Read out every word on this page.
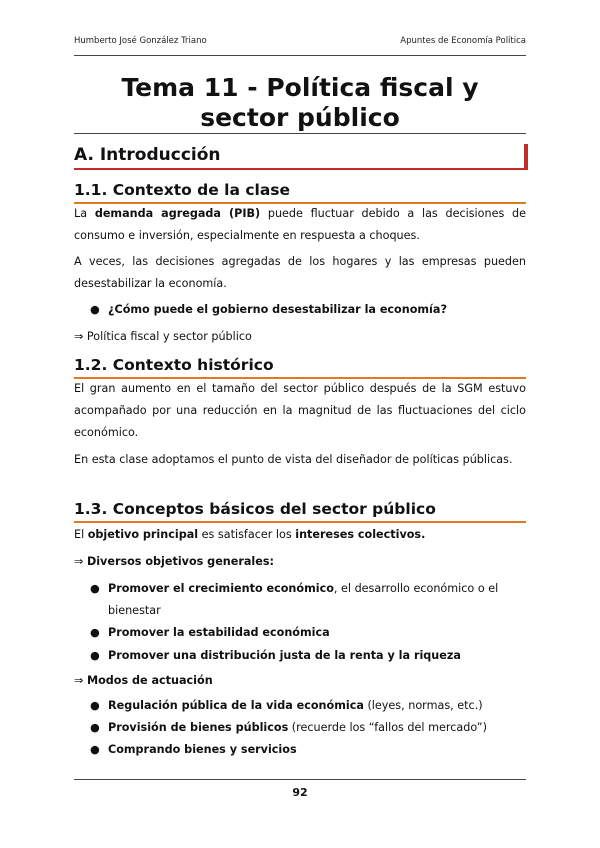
Humberto José González Triano	Apuntes de Economía Política
Tema 11 - Política fiscal y sector público
A. Introducción
1.1. Contexto de la clase
La demanda agregada (PIB) puede fluctuar debido a las decisiones de consumo e inversión, especialmente en respuesta a choques.
A veces, las decisiones agregadas de los hogares y las empresas pueden desestabilizar la economía.
● ¿Cómo puede el gobierno desestabilizar la economía?
⇒ Política fiscal y sector público
1.2. Contexto histórico
El gran aumento en el tamaño del sector público después de la SGM estuvo acompañado por una reducción en la magnitud de las fluctuaciones del ciclo económico.
En esta clase adoptamos el punto de vista del diseñador de políticas públicas.
1.3. Conceptos básicos del sector público
El objetivo principal es satisfacer los intereses colectivos.
⇒ Diversos objetivos generales:
● Promover el crecimiento económico, el desarrollo económico o el bienestar
● Promover la estabilidad económica
● Promover una distribución justa de la renta y la riqueza
⇒ Modos de actuación
● Regulación pública de la vida económica (leyes, normas, etc.)
● Provisión de bienes públicos (recuerde los “fallos del mercado”)
● Comprando bienes y servicios
92
